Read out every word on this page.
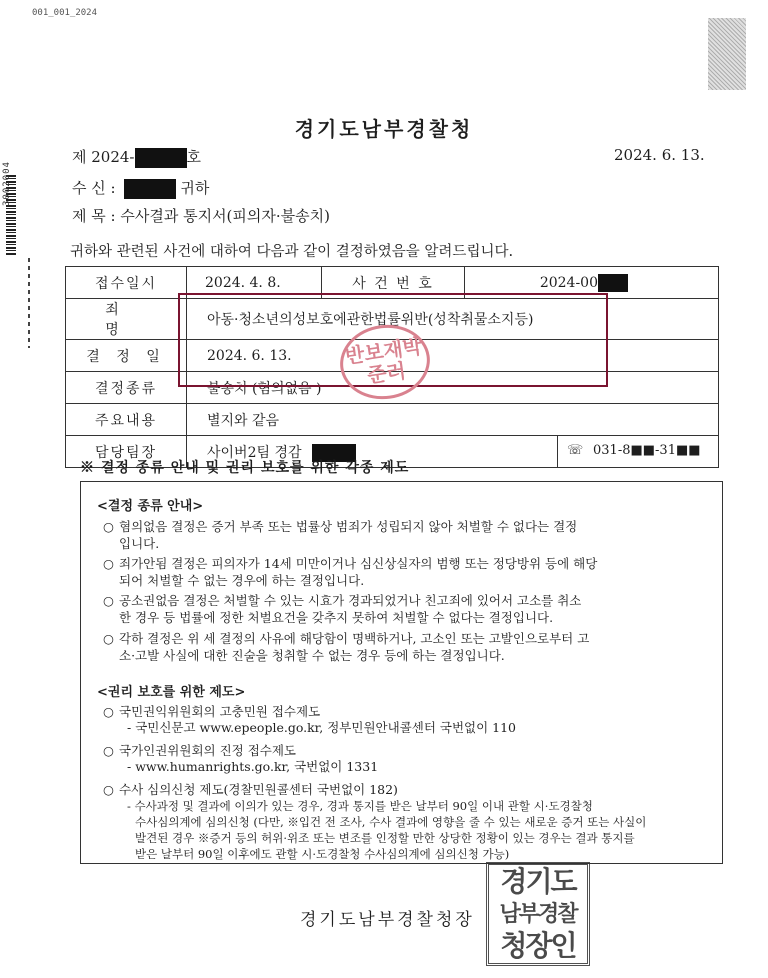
001_001_2024
3002004
경기도남부경찰청
제 2024-	호	2024. 6. 13.
수 신 :	귀하
제 목 : 수사결과 통지서(피의자·불송치)
귀하와 관련된 사건에 대하여 다음과 같이 결정하였음을 알려드립니다.
접수일시	2024. 4. 8.	사 건 번 호	2024-00
죄 명	아동·청소년의성보호에관한법률위반(성착취물소지등)		
결 정 일	2024. 6. 13.		
결정종류	불송치 (혐의없음 )		
주요내용	별지와 같음		
담당팀장	사이버2팀 경감 ☏ 031-8■■-31■■		
반보재박준러
※ 결정 종류 안내 및 권리 보호를 위한 각종 제도
<결정 종류 안내>
○ 혐의없음 결정은 증거 부족 또는 법률상 범죄가 성립되지 않아 처벌할 수 없다는 결정
입니다.
○ 죄가안됨 결정은 피의자가 14세 미만이거나 심신상실자의 범행 또는 정당방위 등에 해당
되어 처벌할 수 없는 경우에 하는 결정입니다.
○ 공소권없음 결정은 처벌할 수 있는 시효가 경과되었거나 친고죄에 있어서 고소를 취소
한 경우 등 법률에 정한 처벌요건을 갖추지 못하여 처벌할 수 없다는 결정입니다.
○ 각하 결정은 위 세 결정의 사유에 해당함이 명백하거나, 고소인 또는 고발인으로부터 고
소·고발 사실에 대한 진술을 청취할 수 없는 경우 등에 하는 결정입니다.
<권리 보호를 위한 제도>
○ 국민권익위원회의 고충민원 접수제도
- 국민신문고 www.epeople.go.kr, 정부민원안내콜센터 국번없이 110
○ 국가인권위원회의 진정 접수제도
- www.humanrights.go.kr, 국번없이 1331
○ 수사 심의신청 제도(경찰민원콜센터 국번없이 182)
- 수사과정 및 결과에 이의가 있는 경우, 경과 통지를 받은 날부터 90일 이내 관할 시·도경찰청
수사심의계에 심의신청 (다만, ※입건 전 조사, 수사 결과에 영향을 줄 수 있는 새로운 증거 또는 사실이
발견된 경우 ※증거 등의 허위·위조 또는 변조를 인정할 만한 상당한 정황이 있는 경우는 결과 통지를
받은 날부터 90일 이후에도 관할 시·도경찰청 수사심의계에 심의신청 가능)
경기도남부경찰청장
경기도
남부경찰
청장인
